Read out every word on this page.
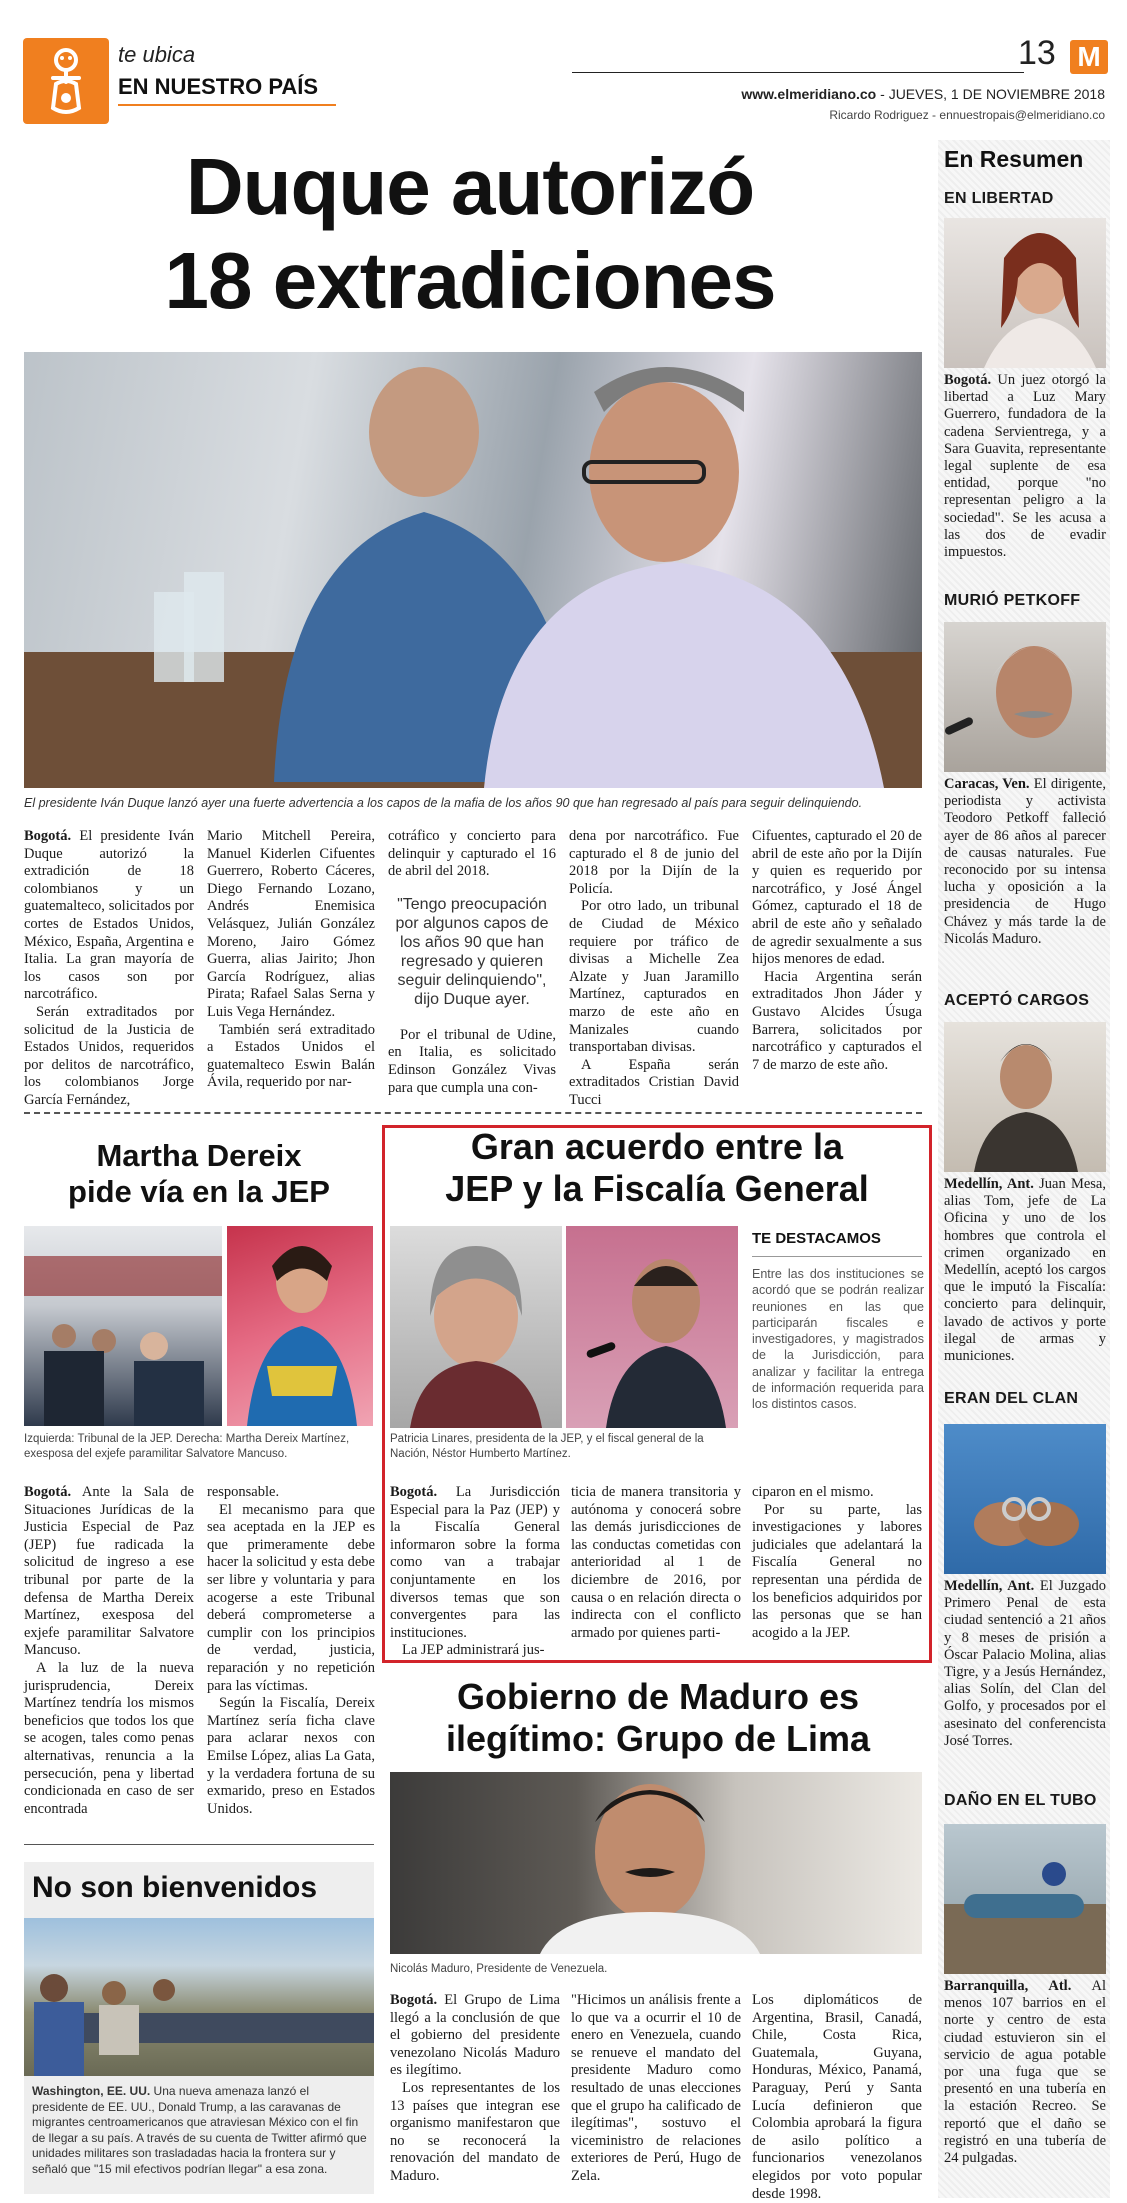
te ubica
EN NUESTRO PAÍS
13 M
www.elmeridiano.co - JUEVES, 1 DE NOVIEMBRE 2018
Ricardo Rodriguez - ennuestropais@elmeridiano.co
Duque autorizó
18 extradiciones
El presidente Iván Duque lanzó ayer una fuerte advertencia a los capos de la mafia de los años 90 que han regresado al país para seguir delinquiendo.

Bogotá. El presidente Iván Duque autorizó la extradición de 18 colombianos y un guatemalteco, solicitados por cortes de Estados Unidos, México, España, Argentina e Italia. La gran mayoría de los casos son por narcotráfico.

Serán extraditados por solicitud de la Justicia de Estados Unidos, requeridos por delitos de narcotráfico, los colombianos Jorge García Fernández,

Mario Mitchell Pereira, Manuel Kiderlen Cifuentes Guerrero, Roberto Cáceres, Diego Fernando Lozano, Andrés Enemisica Velásquez, Julián González Moreno, Jairo Gómez Guerra, alias Jairito; Jhon García Rodríguez, alias Pirata; Rafael Salas Serna y Luis Vega Hernández.

También será extraditado a Estados Unidos el guatemalteco Eswin Balán Ávila, requerido por nar-

cotráfico y concierto para delinquir y capturado el 16 de abril del 2018.

"Tengo preocupación por algunos capos de los años 90 que han regresado y quieren seguir delinquiendo", dijo Duque ayer.

Por el tribunal de Udine, en Italia, es solicitado Edinson González Vivas para que cumpla una con-

dena por narcotráfico. Fue capturado el 8 de junio del 2018 por la Dijín de la Policía.

Por otro lado, un tribunal de Ciudad de México requiere por tráfico de divisas a Michelle Zea Alzate y Juan Jaramillo Martínez, capturados en marzo de este año en Manizales cuando transportaban divisas.

A España serán extraditados Cristian David Tucci

Cifuentes, capturado el 20 de abril de este año por la Dijín y quien es requerido por narcotráfico, y José Ángel Gómez, capturado el 18 de abril de este año y señalado de agredir sexualmente a sus hijos menores de edad.

Hacia Argentina serán extraditados Jhon Jáder y Gustavo Alcides Úsuga Barrera, solicitados por narcotráfico y capturados el 7 de marzo de este año.

Martha Dereix
pide vía en la JEP
Izquierda: Tribunal de la JEP. Derecha: Martha Dereix Martínez, exesposa del exjefe paramilitar Salvatore Mancuso.

Bogotá. Ante la Sala de Situaciones Jurídicas de la Justicia Especial de Paz (JEP) fue radicada la solicitud de ingreso a ese tribunal por parte de la defensa de Martha Dereix Martínez, exesposa del exjefe paramilitar Salvatore Mancuso.

A la luz de la nueva jurisprudencia, Dereix Martínez tendría los mismos beneficios que todos los que se acogen, tales como penas alternativas, renuncia a la persecución, pena y libertad condicionada en caso de ser encontrada

responsable.

El mecanismo para que sea aceptada en la JEP es que primeramente debe hacer la solicitud y esta debe ser libre y voluntaria y para acogerse a este Tribunal deberá comprometerse a cumplir con los principios de verdad, justicia, reparación y no repetición para las víctimas.

Según la Fiscalía, Dereix Martínez sería ficha clave para aclarar nexos con Emilse López, alias La Gata, y la verdadera fortuna de su exmarido, preso en Estados Unidos.

No son bienvenidos
Washington, EE. UU. Una nueva amenaza lanzó el presidente de EE. UU., Donald Trump, a las caravanas de migrantes centroamericanos que atraviesan México con el fin de llegar a su país. A través de su cuenta de Twitter afirmó que unidades militares son trasladadas hacia la frontera sur y señaló que "15 mil efectivos podrían llegar" a esa zona.
Gran acuerdo entre la
JEP y la Fiscalía General
TE DESTACAMOS
Entre las dos instituciones se acordó que se podrán realizar reuniones en las que participarán fiscales e investigadores, y magistrados de la Jurisdicción, para analizar y facilitar la entrega de información requerida para los distintos casos.
Patricia Linares, presidenta de la JEP, y el fiscal general de la Nación, Néstor Humberto Martínez.

Bogotá. La Jurisdicción Especial para la Paz (JEP) y la Fiscalía General informaron sobre la forma como van a trabajar conjuntamente en los diversos temas que son convergentes para las instituciones.

La JEP administrará jus-

ticia de manera transitoria y autónoma y conocerá sobre las demás jurisdicciones de las conductas cometidas con anterioridad al 1 de diciembre de 2016, por causa o en relación directa o indirecta con el conflicto armado por quienes parti-

ciparon en el mismo.

Por su parte, las investigaciones y labores judiciales que adelantará la Fiscalía General no representan una pérdida de los beneficios adquiridos por las personas que se han acogido a la JEP.

Gobierno de Maduro es
ilegítimo: Grupo de Lima
Nicolás Maduro, Presidente de Venezuela.

Bogotá. El Grupo de Lima llegó a la conclusión de que el gobierno del presidente venezolano Nicolás Maduro es ilegítimo.

Los representantes de los 13 países que integran ese organismo manifestaron que no se reconocerá la renovación del mandato de Maduro.

"Hicimos un análisis frente a lo que va a ocurrir el 10 de enero en Venezuela, cuando se renueve el mandato del presidente Maduro como resultado de unas elecciones que el grupo ha calificado de ilegítimas", sostuvo el viceministro de relaciones exteriores de Perú, Hugo de Zela.

Los diplomáticos de Argentina, Brasil, Canadá, Chile, Costa Rica, Guatemala, Guyana, Honduras, México, Panamá, Paraguay, Perú y Santa Lucía definieron que Colombia aprobará la figura de asilo político a funcionarios venezolanos elegidos por voto popular desde 1998.

En Resumen
EN LIBERTAD
Bogotá. Un juez otorgó la libertad a Luz Mary Guerrero, fundadora de la cadena Servientrega, y a Sara Guavita, representante legal suplente de esa entidad, porque "no representan peligro a la sociedad". Se les acusa a las dos de evadir impuestos.
MURIÓ PETKOFF
Caracas, Ven. El dirigente, periodista y activista Teodoro Petkoff falleció ayer de 86 años al parecer de causas naturales. Fue reconocido por su intensa lucha y oposición a la presidencia de Hugo Chávez y más tarde la de Nicolás Maduro.
ACEPTÓ CARGOS
Medellín, Ant. Juan Mesa, alias Tom, jefe de La Oficina y uno de los hombres que controla el crimen organizado en Medellín, aceptó los cargos que le imputó la Fiscalía: concierto para delinquir, lavado de activos y porte ilegal de armas y municiones.
ERAN DEL CLAN
Medellín, Ant. El Juzgado Primero Penal de esta ciudad sentenció a 21 años y 8 meses de prisión a Óscar Palacio Molina, alias Tigre, y a Jesús Hernández, alias Solín, del Clan del Golfo, y procesados por el asesinato del conferencista José Torres.
DAÑO EN EL TUBO
Barranquilla, Atl. Al menos 107 barrios en el norte y centro de esta ciudad estuvieron sin el servicio de agua potable por una fuga que se presentó en una tubería en la estación Recreo. Se reportó que el daño se registró en una tubería de 24 pulgadas.
